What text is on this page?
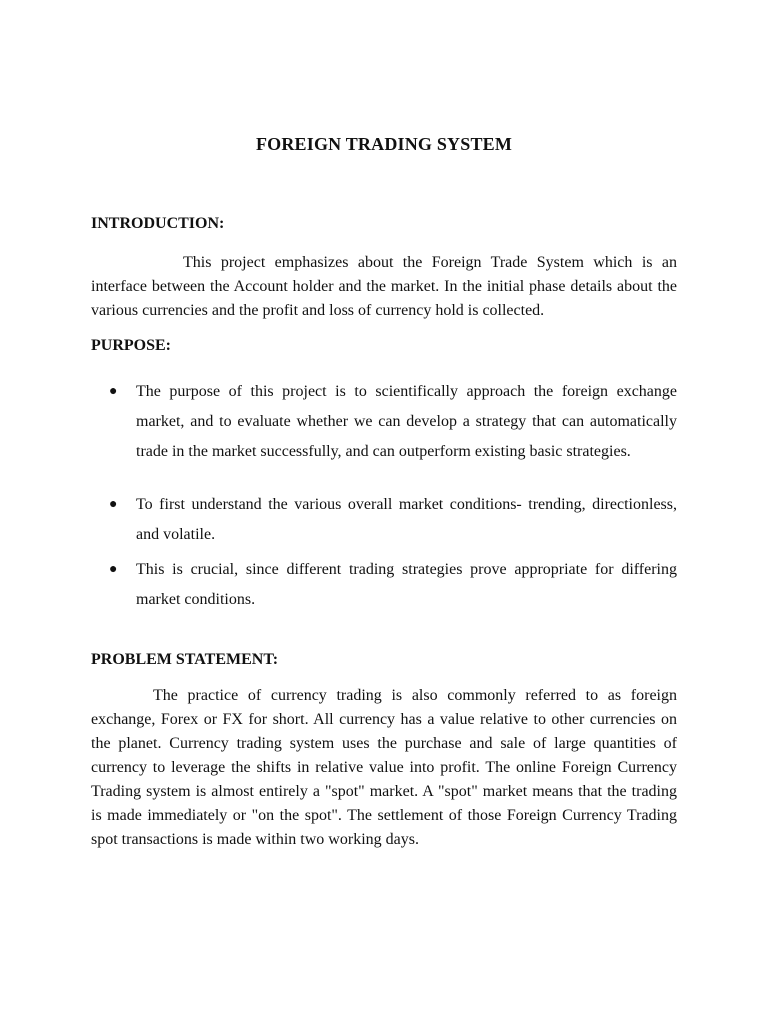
FOREIGN TRADING SYSTEM
INTRODUCTION:

This project emphasizes about the Foreign Trade System which is an interface between the Account holder and the market. In the initial phase details about the various currencies and the profit and loss of currency hold is collected.

PURPOSE:
●	The purpose of this project is to scientifically approach the foreign exchange market, and to evaluate whether we can develop a strategy that can automatically trade in the market successfully, and can outperform existing basic strategies.
●	To first understand the various overall market conditions- trending, directionless, and volatile.
●	This is crucial, since different trading strategies prove appropriate for differing market conditions.
PROBLEM STATEMENT:

The practice of currency trading is also commonly referred to as foreign exchange, Forex or FX for short. All currency has a value relative to other currencies on the planet. Currency trading system uses the purchase and sale of large quantities of currency to leverage the shifts in relative value into profit. The online Foreign Currency Trading system is almost entirely a "spot" market. A "spot" market means that the trading is made immediately or "on the spot". The settlement of those Foreign Currency Trading spot transactions is made within two working days.
